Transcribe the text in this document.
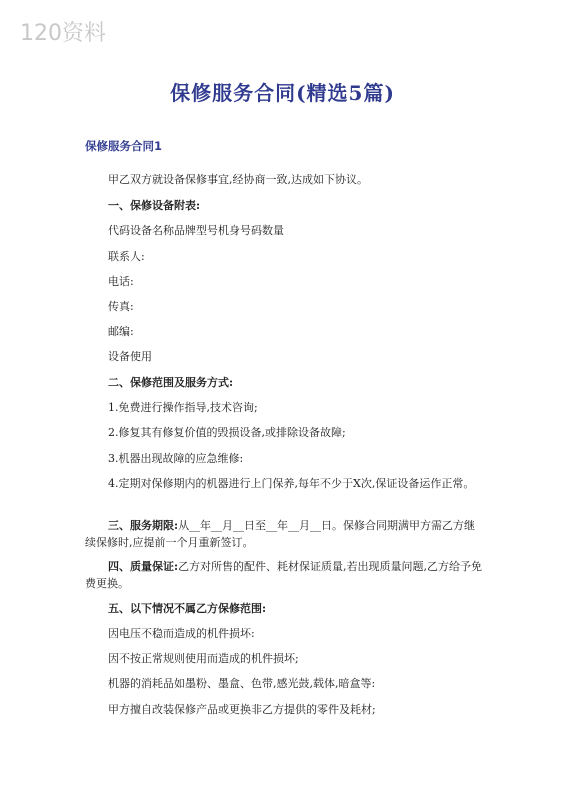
120资料
保修服务合同(精选5篇)
保修服务合同1
甲乙双方就设备保修事宜,经协商一致,达成如下协议。
一、保修设备附表:
代码设备名称品牌型号机身号码数量
联系人:
电话:
传真:
邮编:
设备使用
二、保修范围及服务方式:
1.免费进行操作指导,技术咨询;
2.修复其有修复价值的毁损设备,或排除设备故障;
3.机器出现故障的应急维修:
4.定期对保修期内的机器进行上门保养,每年不少于X次,保证设备运作正常。
三、服务期限:从__年__月__日至__年__月__日。保修合同期满甲方需乙方继续保修时,应提前一个月重新签订。
四、质量保证:乙方对所售的配件、耗材保证质量,若出现质量问题,乙方给予免费更换。
五、以下情况不属乙方保修范围:
因电压不稳而造成的机件损坏:
因不按正常规则使用而造成的机件损坏;
机器的消耗品如墨粉、墨盒、色带,感光鼓,载体,暗盒等:
甲方擅自改装保修产品或更换非乙方提供的零件及耗材;
